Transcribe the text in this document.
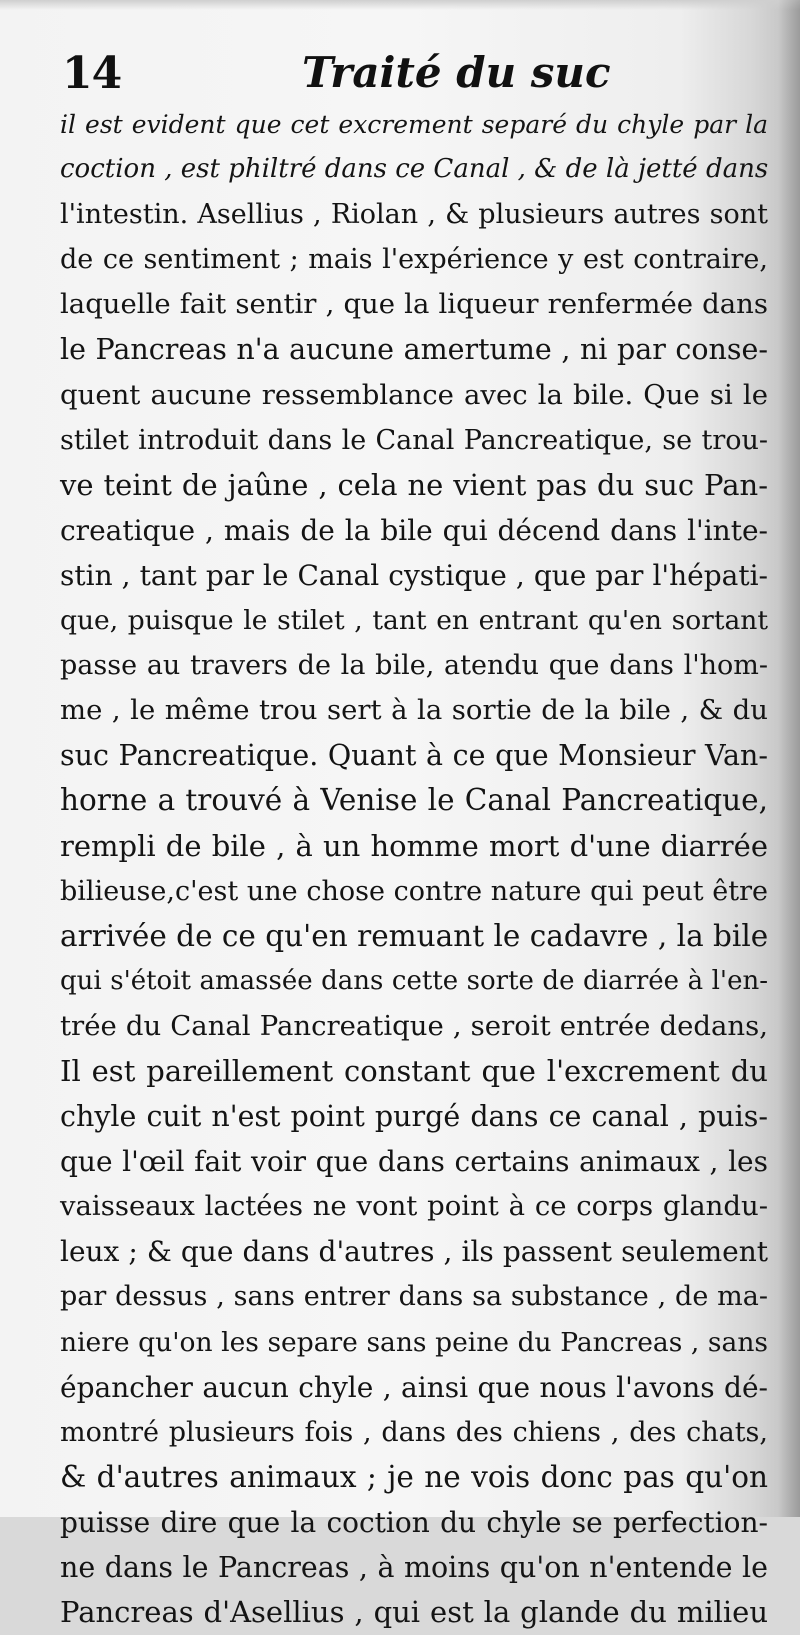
14	Traité du suc
il est evident que cet excrement separé du chyle par la
coction , est philtré dans ce Canal , & de là jetté dans
l'intestin. Asellius , Riolan , & plusieurs autres sont
de ce sentiment ; mais l'expérience y est contraire,
laquelle fait sentir , que la liqueur renfermée dans
le Pancreas n'a aucune amertume , ni par conse-
quent aucune ressemblance avec la bile. Que si le
stilet introduit dans le Canal Pancreatique, se trou-
ve teint de jaûne , cela ne vient pas du suc Pan-
creatique , mais de la bile qui décend dans l'inte-
stin , tant par le Canal cystique , que par l'hépati-
que, puisque le stilet , tant en entrant qu'en sortant
passe au travers de la bile, atendu que dans l'hom-
me , le même trou sert à la sortie de la bile , & du
suc Pancreatique. Quant à ce que Monsieur Van-
horne a trouvé à Venise le Canal Pancreatique,
rempli de bile , à un homme mort d'une diarrée
bilieuse,c'est une chose contre nature qui peut être
arrivée de ce qu'en remuant le cadavre , la bile
qui s'étoit amassée dans cette sorte de diarrée à l'en-
trée du Canal Pancreatique , seroit entrée dedans,
Il est pareillement constant que l'excrement du
chyle cuit n'est point purgé dans ce canal , puis-
que l'œil fait voir que dans certains animaux , les
vaisseaux lactées ne vont point à ce corps glandu-
leux ; & que dans d'autres , ils passent seulement
par dessus , sans entrer dans sa substance , de ma-
niere qu'on les separe sans peine du Pancreas , sans
épancher aucun chyle , ainsi que nous l'avons dé-
montré plusieurs fois , dans des chiens , des chats,
& d'autres animaux ; je ne vois donc pas qu'on
puisse dire que la coction du chyle se perfection-
ne dans le Pancreas , à moins qu'on n'entende le
Pancreas d'Asellius , qui est la glande du milieu
